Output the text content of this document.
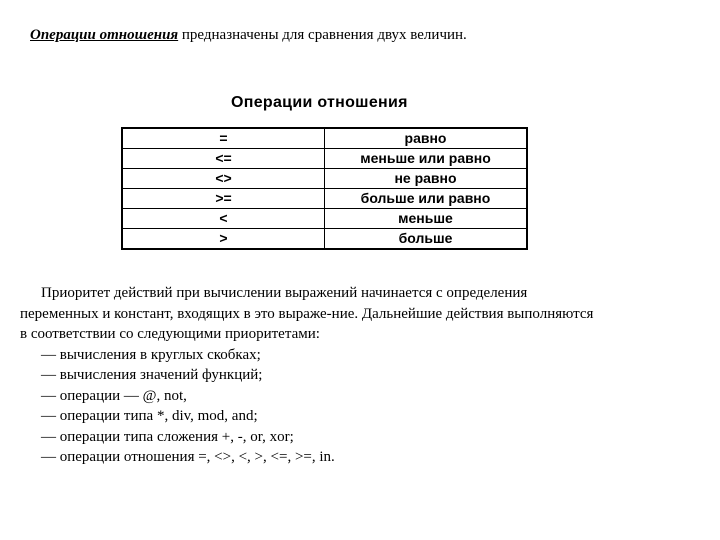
Операции отношения предназначены для сравнения двух величин.
Операции отношения
=	равно
<=	меньше или равно
<>	не равно
>=	больше или равно
<	меньше
>	больше
Приоритет действий при вычислении выражений начинается с определения
переменных и констант, входящих в это выраже-ние. Дальнейшие действия выполняются
в соответствии со следующими приоритетами:
— вычисления в круглых скобках;
— вычисления значений функций;
— операции — @, not,
— операции типа *, div, mod, and;
— операции типа сложения +, -, or, xor;
— операции отношения =, <>, <, >, <=, >=, in.
